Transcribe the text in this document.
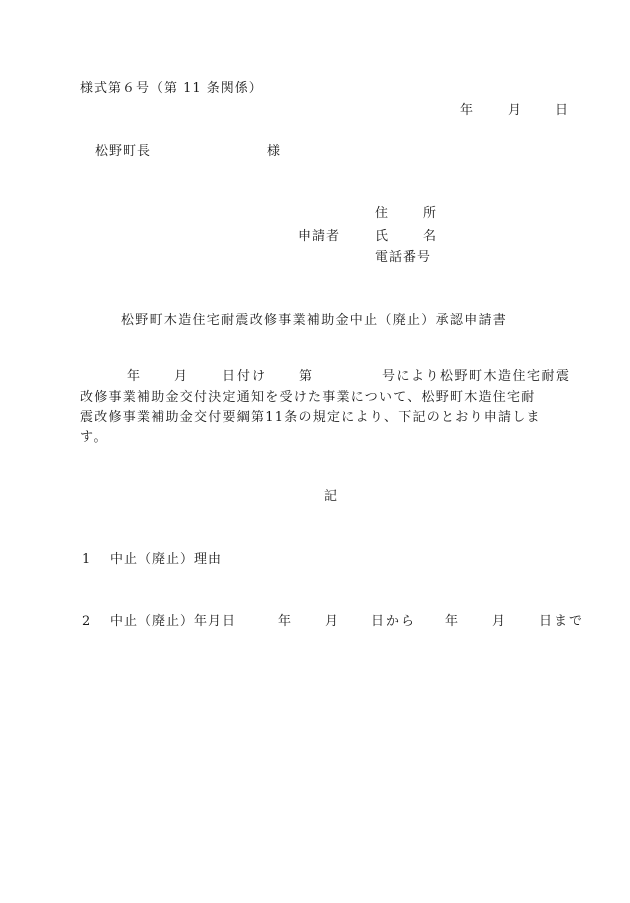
様式第６号（第 11 条関係）
年	月	日
松野町長	様
住	所
申請者	氏	名
電話番号
松野町木造住宅耐震改修事業補助金中止（廃止）承認申請書
年	月	日付け 第	号により松野町木造住宅耐震
改修事業補助金交付決定通知を受けた事業について、松野町木造住宅耐
震改修事業補助金交付要綱第11条の規定により、下記のとおり申請しま
す。
記
1 中止（廃止）理由
2 中止（廃止）年月日	年	月	日から 年	月	日まで
